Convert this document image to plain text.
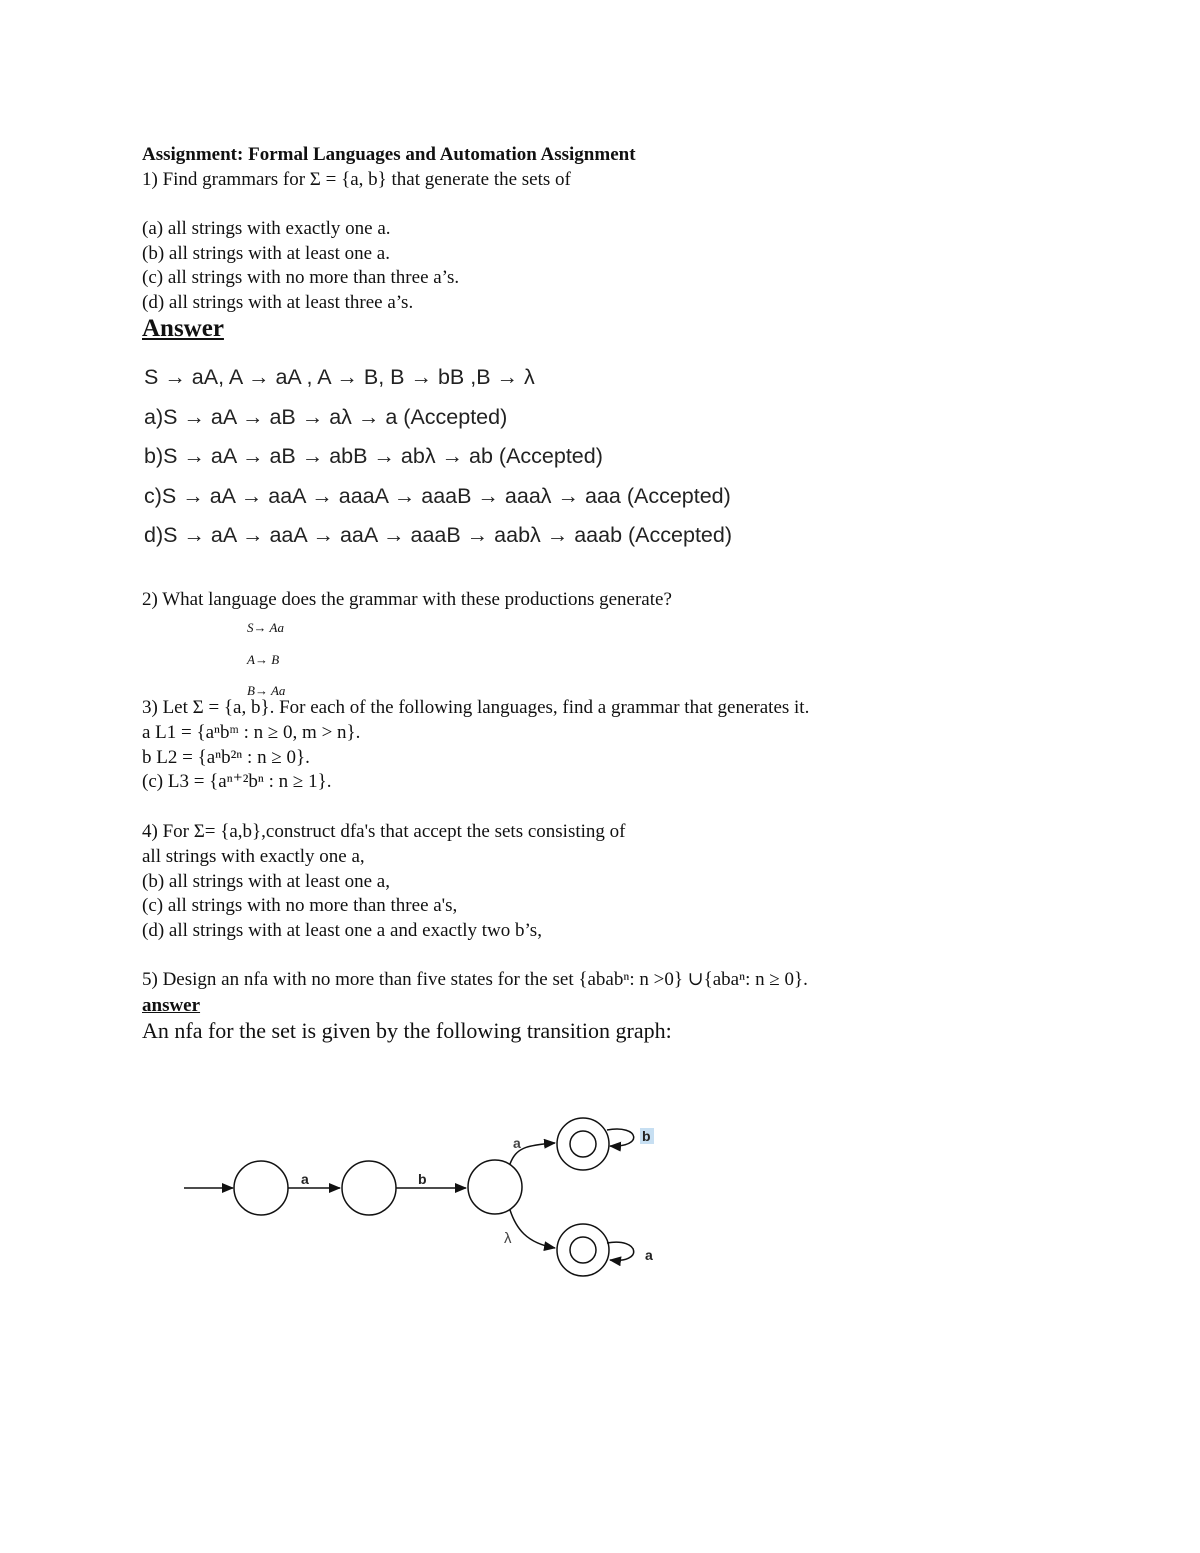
Assignment: Formal Languages and Automation Assignment
1) Find grammars for Σ = {a, b} that generate the sets of
(a) all strings with exactly one a.
(b) all strings with at least one a.
(c) all strings with no more than three a’s.
(d) all strings with at least three a’s.
Answer
S → aA, A → aA , A → B, B → bB ,B → λ
a)S → aA → aB → aλ → a (Accepted)
b)S → aA → aB → abB → abλ → ab (Accepted)
c)S → aA → aaA → aaaA → aaaB → aaaλ → aaa (Accepted)
d)S → aA → aaA → aaA → aaaB → aabλ → aaab (Accepted)
2) What language does the grammar with these productions generate?
S→ Aa
A→ B
B→ Aa
3) Let Σ = {a, b}. For each of the following languages, find a grammar that generates it.
a L1 = {aⁿbᵐ : n ≥ 0, m > n}.
b L2 = {aⁿb²ⁿ : n ≥ 0}.
(c) L3 = {aⁿ⁺²bⁿ : n ≥ 1}.
4) For Σ= {a,b},construct dfa's that accept the sets consisting of
all strings with exactly one a,
(b) all strings with at least one a,
(c) all strings with no more than three a's,
(d) all strings with at least one a and exactly two b’s,
5) Design an nfa with no more than five states for the set {ababⁿ: n >0} ∪{abaⁿ: n ≥ 0}.
answer
An nfa for the set is given by the following transition graph:
a	b
a	b
λ
a
